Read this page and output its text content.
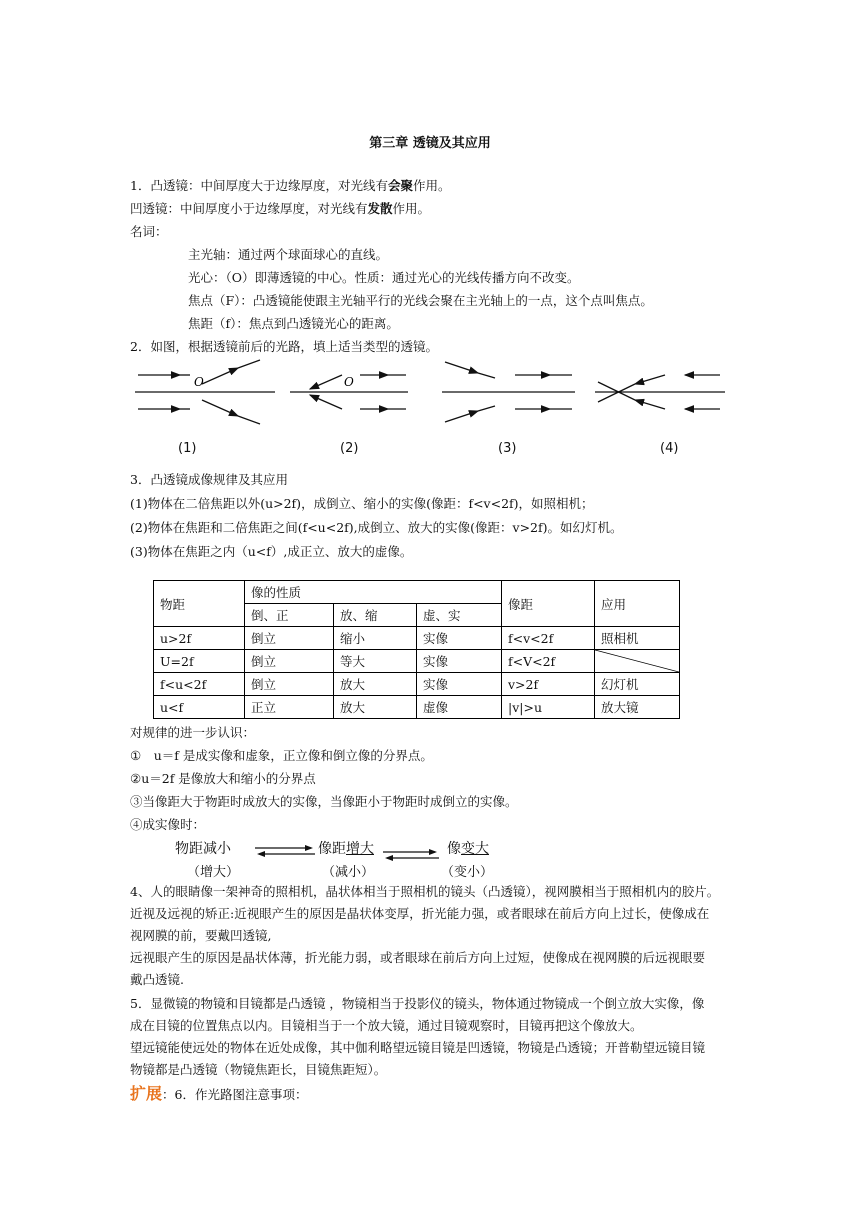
第三章 透镜及其应用
1．凸透镜：中间厚度大于边缘厚度，对光线有会聚作用。
凹透镜：中间厚度小于边缘厚度，对光线有发散作用。
名词：
主光轴：通过两个球面球心的直线。
光心：（O）即薄透镜的中心。性质：通过光心的光线传播方向不改变。
焦点（F）：凸透镜能使跟主光轴平行的光线会聚在主光轴上的一点，这个点叫焦点。
焦距（f）：焦点到凸透镜光心的距离。
2．如图，根据透镜前后的光路，填上适当类型的透镜。
O	O
(1)	(2)	(3)	(4)
3．凸透镜成像规律及其应用
(1)物体在二倍焦距以外(u>2f)，成倒立、缩小的实像(像距：f<v<2f)，如照相机；
(2)物体在焦距和二倍焦距之间(f<u<2f),成倒立、放大的实像(像距：v>2f)。如幻灯机。
(3)物体在焦距之内（u<f）,成正立、放大的虚像。
物距	像的性质			像距	应用
	倒、正	放、缩	虚、实		
u>2f	倒立	缩小	实像	f<v<2f	照相机
U=2f	倒立	等大	实像	f<V<2f	

f<u<2f	倒立	放大	实像	v>2f	幻灯机
u<f	正立	放大	虚像	|v|>u	放大镜
对规律的进一步认识：
①　u＝f 是成实像和虚象，正立像和倒立像的分界点。
②u＝2f 是像放大和缩小的分界点
③当像距大于物距时成放大的实像，当像距小于物距时成倒立的实像。
④成实像时：
物距减小
（增大）
像距增大
（减小）
像变大
（变小）
4、人的眼睛像一架神奇的照相机，晶状体相当于照相机的镜头（凸透镜），视网膜相当于照相机内的胶片。
近视及远视的矫正:近视眼产生的原因是晶状体变厚，折光能力强，或者眼球在前后方向上过长，使像成在
视网膜的前，要戴凹透镜,
远视眼产生的原因是晶状体薄，折光能力弱，或者眼球在前后方向上过短，使像成在视网膜的后远视眼要
戴凸透镜.
5．显微镜的物镜和目镜都是凸透镜 ，物镜相当于投影仪的镜头，物体通过物镜成一个倒立放大实像，像
成在目镜的位置焦点以内。目镜相当于一个放大镜，通过目镜观察时，目镜再把这个像放大。
望远镜能使远处的物体在近处成像，其中伽利略望远镜目镜是凹透镜，物镜是凸透镜；开普勒望远镜目镜
物镜都是凸透镜（物镜焦距长，目镜焦距短）。
扩展：6．作光路图注意事项：
